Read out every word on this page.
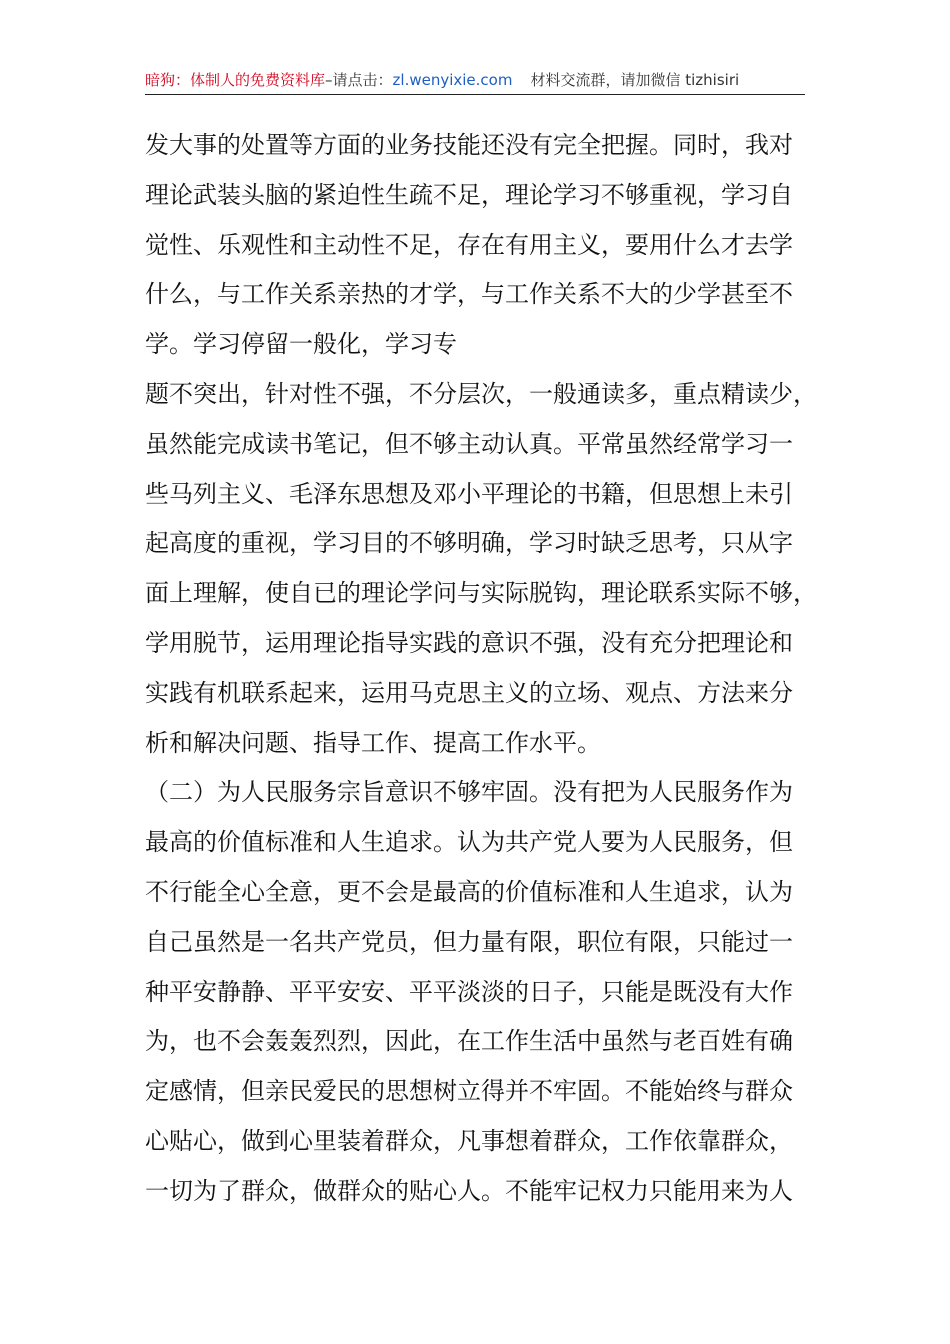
暗狗：体制人的免费资料库–请点击：zl.wenyixie.com 材料交流群，请加微信 tizhisiri
发大事的处置等方面的业务技能还没有完全把握。同时，我对
理论武装头脑的紧迫性生疏不足，理论学习不够重视，学习自
觉性、乐观性和主动性不足，存在有用主义，要用什么才去学
什么，与工作关系亲热的才学，与工作关系不大的少学甚至不
学。学习停留一般化，学习专
题不突出，针对性不强，不分层次，一般通读多，重点精读少，
虽然能完成读书笔记，但不够主动认真。平常虽然经常学习一
些马列主义、毛泽东思想及邓小平理论的书籍，但思想上未引
起高度的重视，学习目的不够明确，学习时缺乏思考，只从字
面上理解，使自已的理论学问与实际脱钩，理论联系实际不够，
学用脱节，运用理论指导实践的意识不强，没有充分把理论和
实践有机联系起来，运用马克思主义的立场、观点、方法来分
析和解决问题、指导工作、提高工作水平。
（二）为人民服务宗旨意识不够牢固。没有把为人民服务作为
最高的价值标准和人生追求。认为共产党人要为人民服务，但
不行能全心全意，更不会是最高的价值标准和人生追求，认为
自己虽然是一名共产党员，但力量有限，职位有限，只能过一
种平安静静、平平安安、平平淡淡的日子，只能是既没有大作
为，也不会轰轰烈烈，因此，在工作生活中虽然与老百姓有确
定感情，但亲民爱民的思想树立得并不牢固。不能始终与群众
心贴心，做到心里装着群众，凡事想着群众，工作依靠群众，
一切为了群众，做群众的贴心人。不能牢记权力只能用来为人
